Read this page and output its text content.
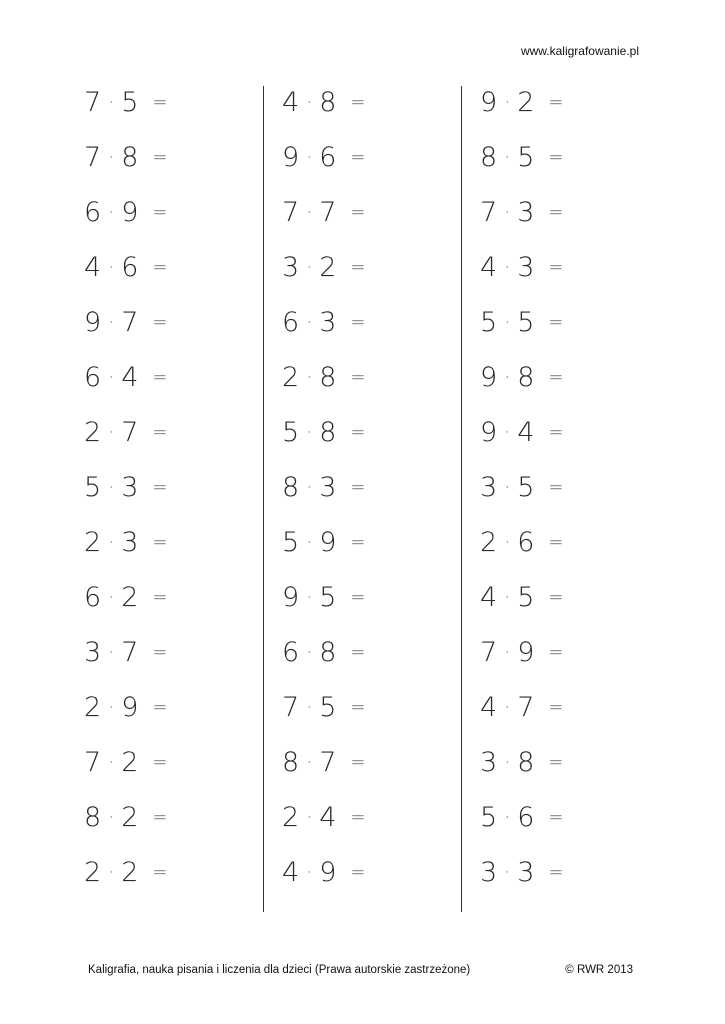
www.kaligrafowanie.pl
7 · 5 =
7 · 8 =
6 · 9 =
4 · 6 =
9 · 7 =
6 · 4 =
2 · 7 =
5 · 3 =
2 · 3 =
6 · 2 =
3 · 7 =
2 · 9 =
7 · 2 =
8 · 2 =
2 · 2 =
4 · 8 =
9 · 6 =
7 · 7 =
3 · 2 =
6 · 3 =
2 · 8 =
5 · 8 =
8 · 3 =
5 · 9 =
9 · 5 =
6 · 8 =
7 · 5 =
8 · 7 =
2 · 4 =
4 · 9 =
9 · 2 =
8 · 5 =
7 · 3 =
4 · 3 =
5 · 5 =
9 · 8 =
9 · 4 =
3 · 5 =
2 · 6 =
4 · 5 =
7 · 9 =
4 · 7 =
3 · 8 =
5 · 6 =
3 · 3 =
Kaligrafia, nauka pisania i liczenia dla dzieci (Prawa autorskie zastrzeżone)	© RWR 2013
